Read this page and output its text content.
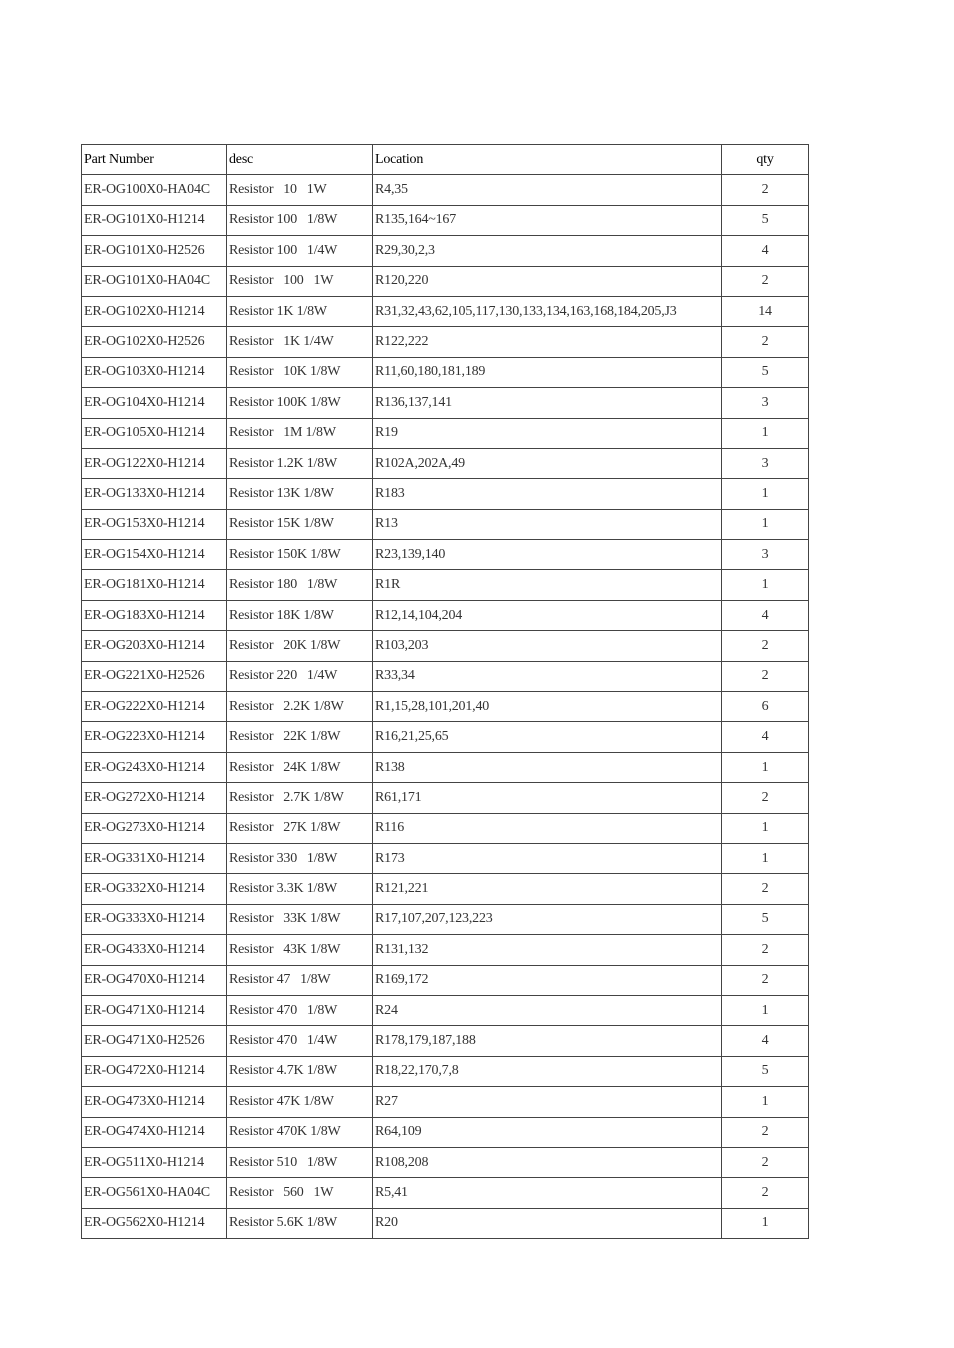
Part Number	desc	Location	qty
ER-OG100X0-HA04C	Resistor   10   1W	R4,35	2
ER-OG101X0-H1214	Resistor 100   1/8W	R135,164~167	5
ER-OG101X0-H2526	Resistor 100   1/4W	R29,30,2,3	4
ER-OG101X0-HA04C	Resistor   100   1W	R120,220	2
ER-OG102X0-H1214	Resistor 1K 1/8W	R31,32,43,62,105,117,130,133,134,163,168,184,205,J3	14
ER-OG102X0-H2526	Resistor   1K 1/4W	R122,222	2
ER-OG103X0-H1214	Resistor   10K 1/8W	R11,60,180,181,189	5
ER-OG104X0-H1214	Resistor 100K 1/8W	R136,137,141	3
ER-OG105X0-H1214	Resistor   1M 1/8W	R19	1
ER-OG122X0-H1214	Resistor 1.2K 1/8W	R102A,202A,49	3
ER-OG133X0-H1214	Resistor 13K 1/8W	R183	1
ER-OG153X0-H1214	Resistor 15K 1/8W	R13	1
ER-OG154X0-H1214	Resistor 150K 1/8W	R23,139,140	3
ER-OG181X0-H1214	Resistor 180   1/8W	R1R	1
ER-OG183X0-H1214	Resistor 18K 1/8W	R12,14,104,204	4
ER-OG203X0-H1214	Resistor   20K 1/8W	R103,203	2
ER-OG221X0-H2526	Resistor 220   1/4W	R33,34	2
ER-OG222X0-H1214	Resistor   2.2K 1/8W	R1,15,28,101,201,40	6
ER-OG223X0-H1214	Resistor   22K 1/8W	R16,21,25,65	4
ER-OG243X0-H1214	Resistor   24K 1/8W	R138	1
ER-OG272X0-H1214	Resistor   2.7K 1/8W	R61,171	2
ER-OG273X0-H1214	Resistor   27K 1/8W	R116	1
ER-OG331X0-H1214	Resistor 330   1/8W	R173	1
ER-OG332X0-H1214	Resistor 3.3K 1/8W	R121,221	2
ER-OG333X0-H1214	Resistor   33K 1/8W	R17,107,207,123,223	5
ER-OG433X0-H1214	Resistor   43K 1/8W	R131,132	2
ER-OG470X0-H1214	Resistor 47   1/8W	R169,172	2
ER-OG471X0-H1214	Resistor 470   1/8W	R24	1
ER-OG471X0-H2526	Resistor 470   1/4W	R178,179,187,188	4
ER-OG472X0-H1214	Resistor 4.7K 1/8W	R18,22,170,7,8	5
ER-OG473X0-H1214	Resistor 47K 1/8W	R27	1
ER-OG474X0-H1214	Resistor 470K 1/8W	R64,109	2
ER-OG511X0-H1214	Resistor 510   1/8W	R108,208	2
ER-OG561X0-HA04C	Resistor   560   1W	R5,41	2
ER-OG562X0-H1214	Resistor 5.6K 1/8W	R20	1
